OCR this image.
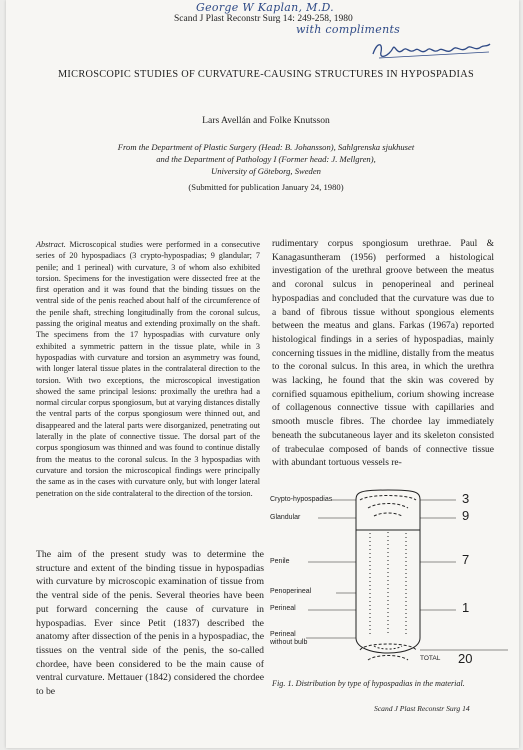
George W Kaplan, M.D.
Scand J Plast Reconstr Surg 14: 249-258, 1980
with compliments
MICROSCOPIC STUDIES OF CURVATURE-CAUSING STRUCTURES IN HYPOSPADIAS
Lars Avellán and Folke Knutsson
From the Department of Plastic Surgery (Head: B. Johansson), Sahlgrenska sjukhuset
and the Department of Pathology I (Former head: J. Mellgren),
University of Göteborg, Sweden
(Submitted for publication January 24, 1980)

Abstract. Microscopical studies were performed in a consecutive series of 20 hypospadiacs (3 crypto-hypospadias; 9 glandular; 7 penile; and 1 perineal) with curvature, 3 of whom also exhibited torsion. Specimens for the investigation were dissected free at the first operation and it was found that the binding tissues on the ventral side of the penis reached about half of the circumference of the penile shaft, streching longitudinally from the coronal sulcus, passing the original meatus and extending proximally on the shaft. The specimens from the 17 hypospadias with curvature only exhibited a symmetric pattern in the tissue plate, while in 3 hypospadias with curvature and torsion an asymmetry was found, with longer lateral tissue plates in the contralateral direction to the torsion. With two exceptions, the microscopical investigation showed the same principal lesions: proximally the urethra had a normal circular corpus spongiosum, but at varying distances distally the ventral parts of the corpus spongiosum were thinned out, and disappeared and the lateral parts were disorganized, penetrating out laterally in the plate of connective tissue. The dorsal part of the corpus spongiosum was thinned and was found to continue distally from the meatus to the coronal sulcus. In the 3 hypospadias with curvature and torsion the microscopical findings were principally the same as in the cases with curvature only, but with longer lateral penetration on the side contralateral to the direction of the torsion.

The aim of the present study was to determine the structure and extent of the binding tissue in hypospadias with curvature by microscopic examination of tissue from the ventral side of the penis. Several theories have been put forward concerning the cause of curvature in hypospadias. Ever since Petit (1837) described the anatomy after dissection of the penis in a hypospadiac, the tissues on the ventral side of the penis, the so-called chordee, have been considered to be the main cause of ventral curvature. Mettauer (1842) considered the chordee to be

rudimentary corpus spongiosum urethrae. Paul & Kanagasuntheram (1956) performed a histological investigation of the urethral groove between the meatus and coronal sulcus in penoperineal and perineal hypospadias and concluded that the curvature was due to a band of fibrous tissue without spongious elements between the meatus and glans. Farkas (1967a) reported histological findings in a series of hypospadias, mainly concerning tissues in the midline, distally from the meatus to the coronal sulcus. In this area, in which the urethra was lacking, he found that the skin was covered by cornified squamous epithelium, corium showing increase of collagenous connective tissue with capillaries and smooth muscle fibres. The chordee lay immediately beneath the subcutaneous layer and its skeleton consisted of trabeculae composed of bands of connective tissue with abundant tortuous vessels re-

Crypto-hypospadias
Glandular
Penile
Penoperineal
Perineal
Perineal without bulb
3
9
7
1
TOTAL 20

Fig. 1. Distribution by type of hypospadias in the material.

Scand J Plast Reconstr Surg 14
